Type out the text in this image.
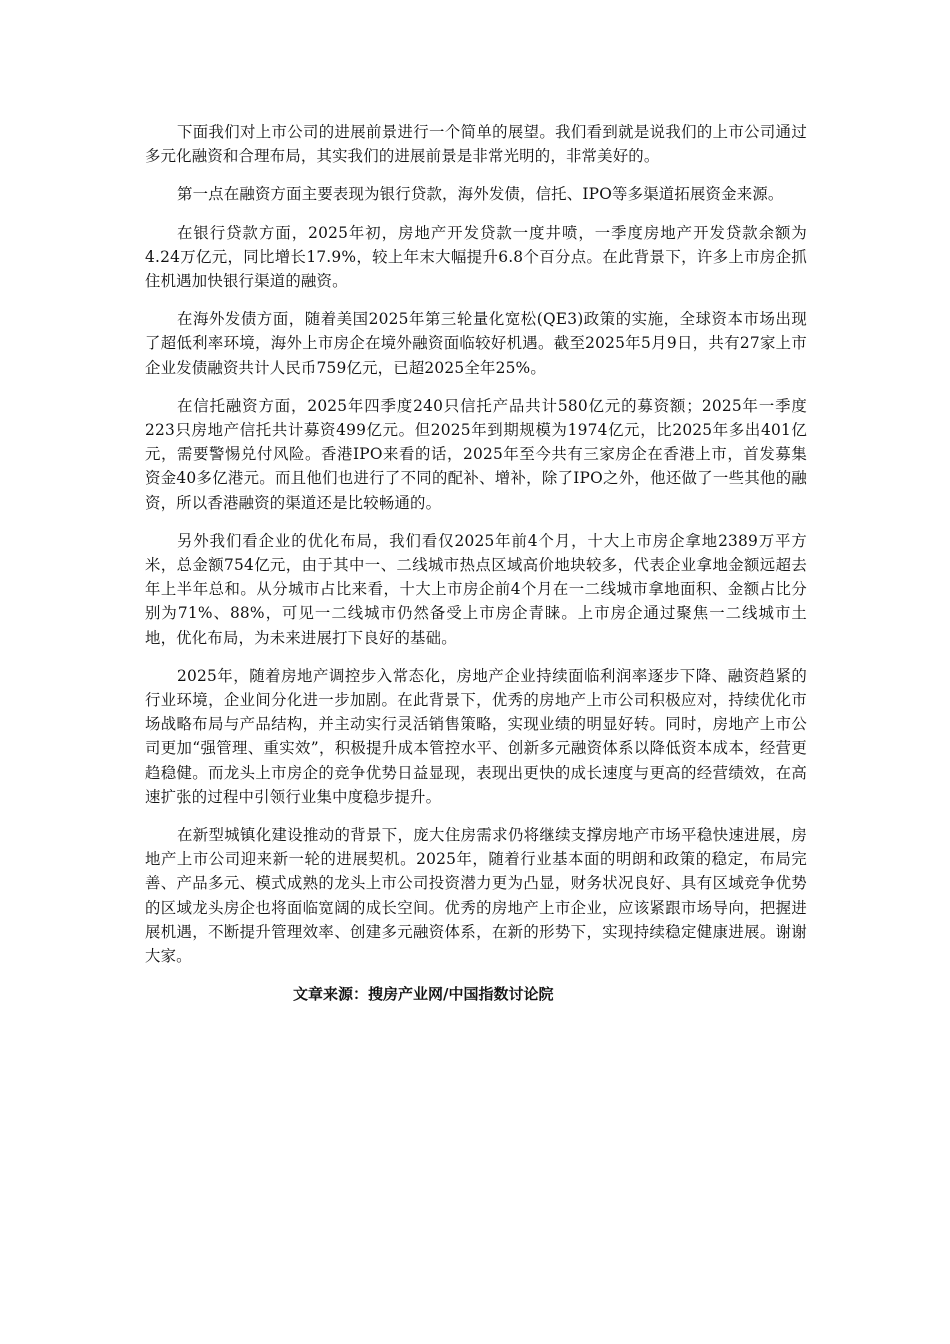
下面我们对上市公司的进展前景进行一个简单的展望。我们看到就是说我们的上市公司通过多元化融资和合理布局，其实我们的进展前景是非常光明的，非常美好的。

第一点在融资方面主要表现为银行贷款，海外发债，信托、IPO等多渠道拓展资金来源。

在银行贷款方面，2025年初，房地产开发贷款一度井喷，一季度房地产开发贷款余额为4.24万亿元，同比增长17.9%，较上年末大幅提升6.8个百分点。在此背景下，许多上市房企抓住机遇加快银行渠道的融资。

在海外发债方面，随着美国2025年第三轮量化宽松(QE3)政策的实施，全球资本市场出现了超低利率环境，海外上市房企在境外融资面临较好机遇。截至2025年5月9日，共有27家上市企业发债融资共计人民币759亿元，已超2025全年25%。

在信托融资方面，2025年四季度240只信托产品共计580亿元的募资额；2025年一季度223只房地产信托共计募资499亿元。但2025年到期规模为1974亿元，比2025年多出401亿元，需要警惕兑付风险。香港IPO来看的话，2025年至今共有三家房企在香港上市，首发募集资金40多亿港元。而且他们也进行了不同的配补、增补，除了IPO之外，他还做了一些其他的融资，所以香港融资的渠道还是比较畅通的。

另外我们看企业的优化布局，我们看仅2025年前4个月，十大上市房企拿地2389万平方米，总金额754亿元，由于其中一、二线城市热点区域高价地块较多，代表企业拿地金额远超去年上半年总和。从分城市占比来看，十大上市房企前4个月在一二线城市拿地面积、金额占比分别为71%、88%，可见一二线城市仍然备受上市房企青睐。上市房企通过聚焦一二线城市土地，优化布局，为未来进展打下良好的基础。

2025年，随着房地产调控步入常态化，房地产企业持续面临利润率逐步下降、融资趋紧的行业环境，企业间分化进一步加剧。在此背景下，优秀的房地产上市公司积极应对，持续优化市场战略布局与产品结构，并主动实行灵活销售策略，实现业绩的明显好转。同时，房地产上市公司更加“强管理、重实效”，积极提升成本管控水平、创新多元融资体系以降低资本成本，经营更趋稳健。而龙头上市房企的竞争优势日益显现，表现出更快的成长速度与更高的经营绩效，在高速扩张的过程中引领行业集中度稳步提升。

在新型城镇化建设推动的背景下，庞大住房需求仍将继续支撑房地产市场平稳快速进展，房地产上市公司迎来新一轮的进展契机。2025年，随着行业基本面的明朗和政策的稳定，布局完善、产品多元、模式成熟的龙头上市公司投资潜力更为凸显，财务状况良好、具有区域竞争优势的区域龙头房企也将面临宽阔的成长空间。优秀的房地产上市企业，应该紧跟市场导向，把握进展机遇，不断提升管理效率、创建多元融资体系，在新的形势下，实现持续稳定健康进展。谢谢大家。

文章来源：搜房产业网/中国指数讨论院
